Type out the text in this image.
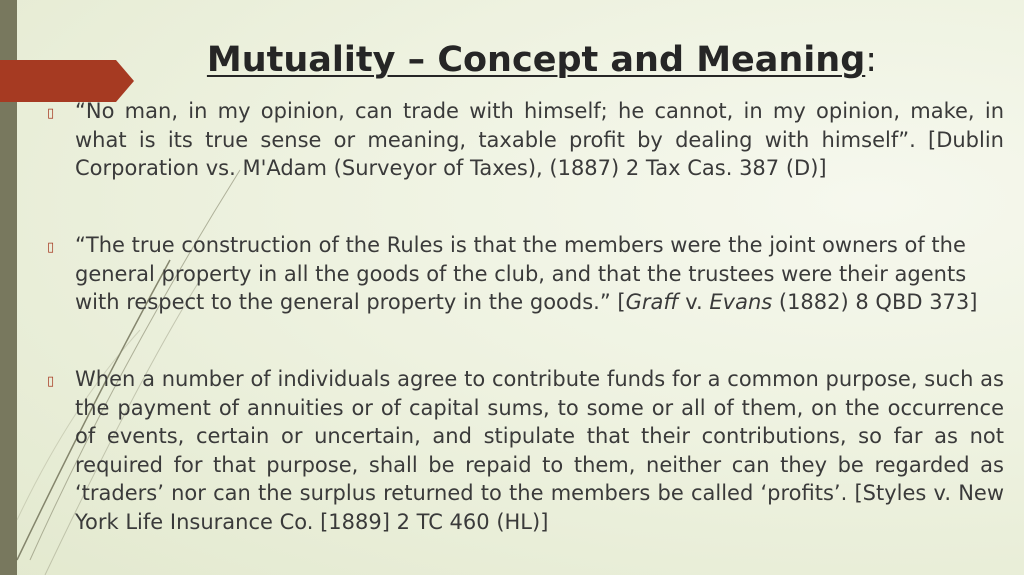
Mutuality – Concept and Meaning:
▯ “No man, in my opinion, can trade with himself; he cannot, in my opinion, make, in what is its true sense or meaning, taxable profit by dealing with himself”. [Dublin Corporation vs. M'Adam (Surveyor of Taxes), (1887) 2 Tax Cas. 387 (D)]
▯ “The true construction of the Rules is that the members were the joint owners of the general property in all the goods of the club, and that the trustees were their agents with respect to the general property in the goods.” [Graff v. Evans (1882) 8 QBD 373]
▯ When a number of individuals agree to contribute funds for a common purpose, such as the payment of annuities or of capital sums, to some or all of them, on the occurrence of events, certain or uncertain, and stipulate that their contributions, so far as not required for that purpose, shall be repaid to them, neither can they be regarded as ‘traders’ nor can the surplus returned to the members be called ‘profits’. [Styles v. New York Life Insurance Co. [1889] 2 TC 460 (HL)]
